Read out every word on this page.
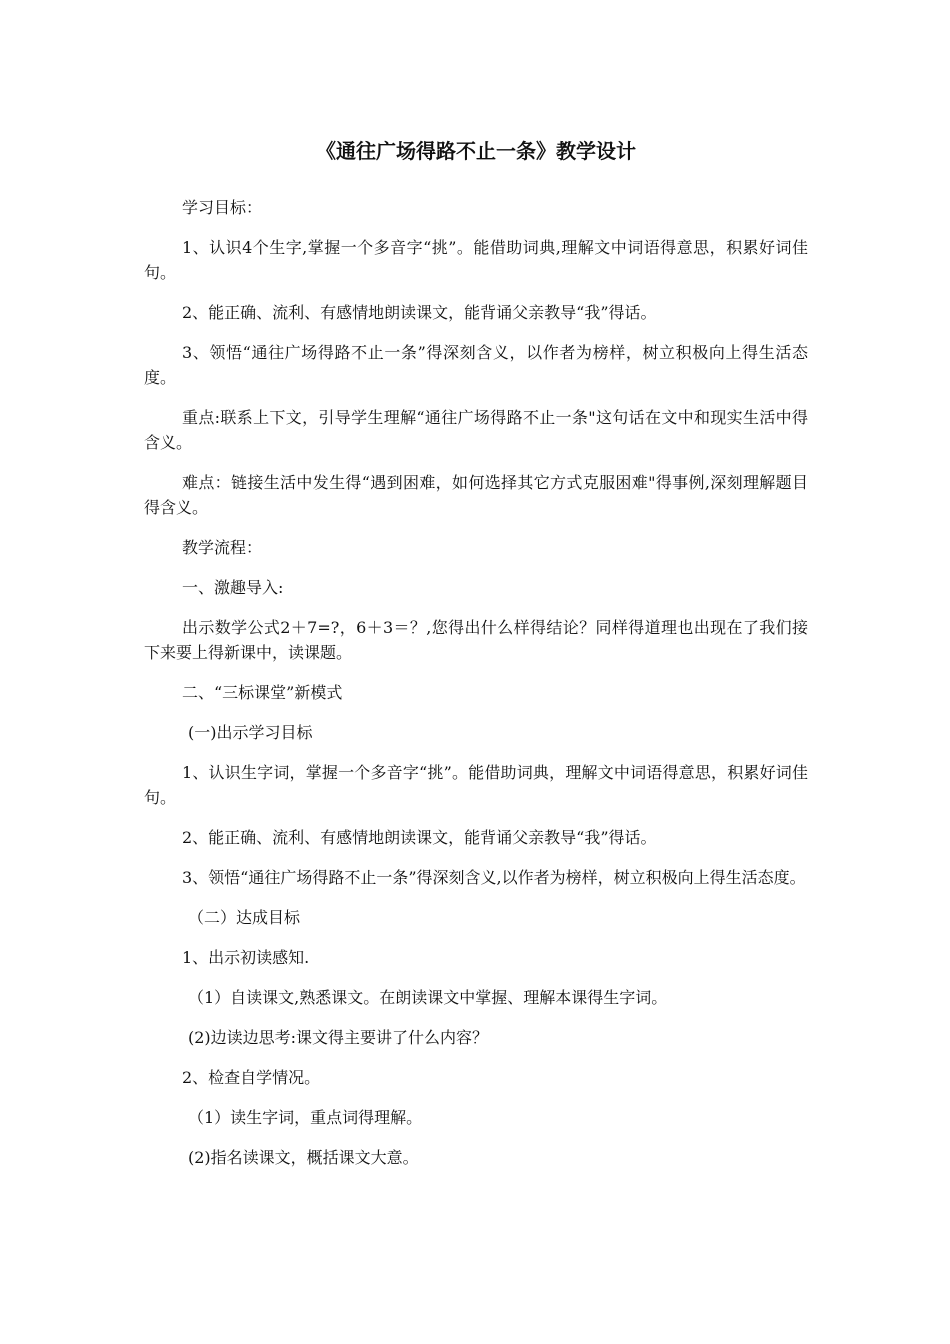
《通往广场得路不止一条》教学设计

学习目标：

1、认识4个生字,掌握一个多音字“挑”。能借助词典,理解文中词语得意思，积累好词佳句。

2、能正确、流利、有感情地朗读课文，能背诵父亲教导“我”得话。

3、领悟“通往广场得路不止一条”得深刻含义，以作者为榜样，树立积极向上得生活态度。

重点:联系上下文，引导学生理解“通往广场得路不止一条"这句话在文中和现实生活中得含义。

难点：链接生活中发生得“遇到困难，如何选择其它方式克服困难"得事例,深刻理解题目得含义。

教学流程：

一、激趣导入:

出示数学公式2＋7=?，6＋3＝？,您得出什么样得结论？同样得道理也出现在了我们接下来要上得新课中，读课题。

二、“三标课堂”新模式

(一)出示学习目标

1、认识生字词，掌握一个多音字“挑”。能借助词典，理解文中词语得意思，积累好词佳句。

2、能正确、流利、有感情地朗读课文，能背诵父亲教导“我”得话。

3、领悟“通往广场得路不止一条”得深刻含义,以作者为榜样，树立积极向上得生活态度。

（二）达成目标

1、出示初读感知.

（1）自读课文,熟悉课文。在朗读课文中掌握、理解本课得生字词。

(2)边读边思考:课文得主要讲了什么内容？

2、检查自学情况。

（1）读生字词，重点词得理解。

(2)指名读课文，概括课文大意。
